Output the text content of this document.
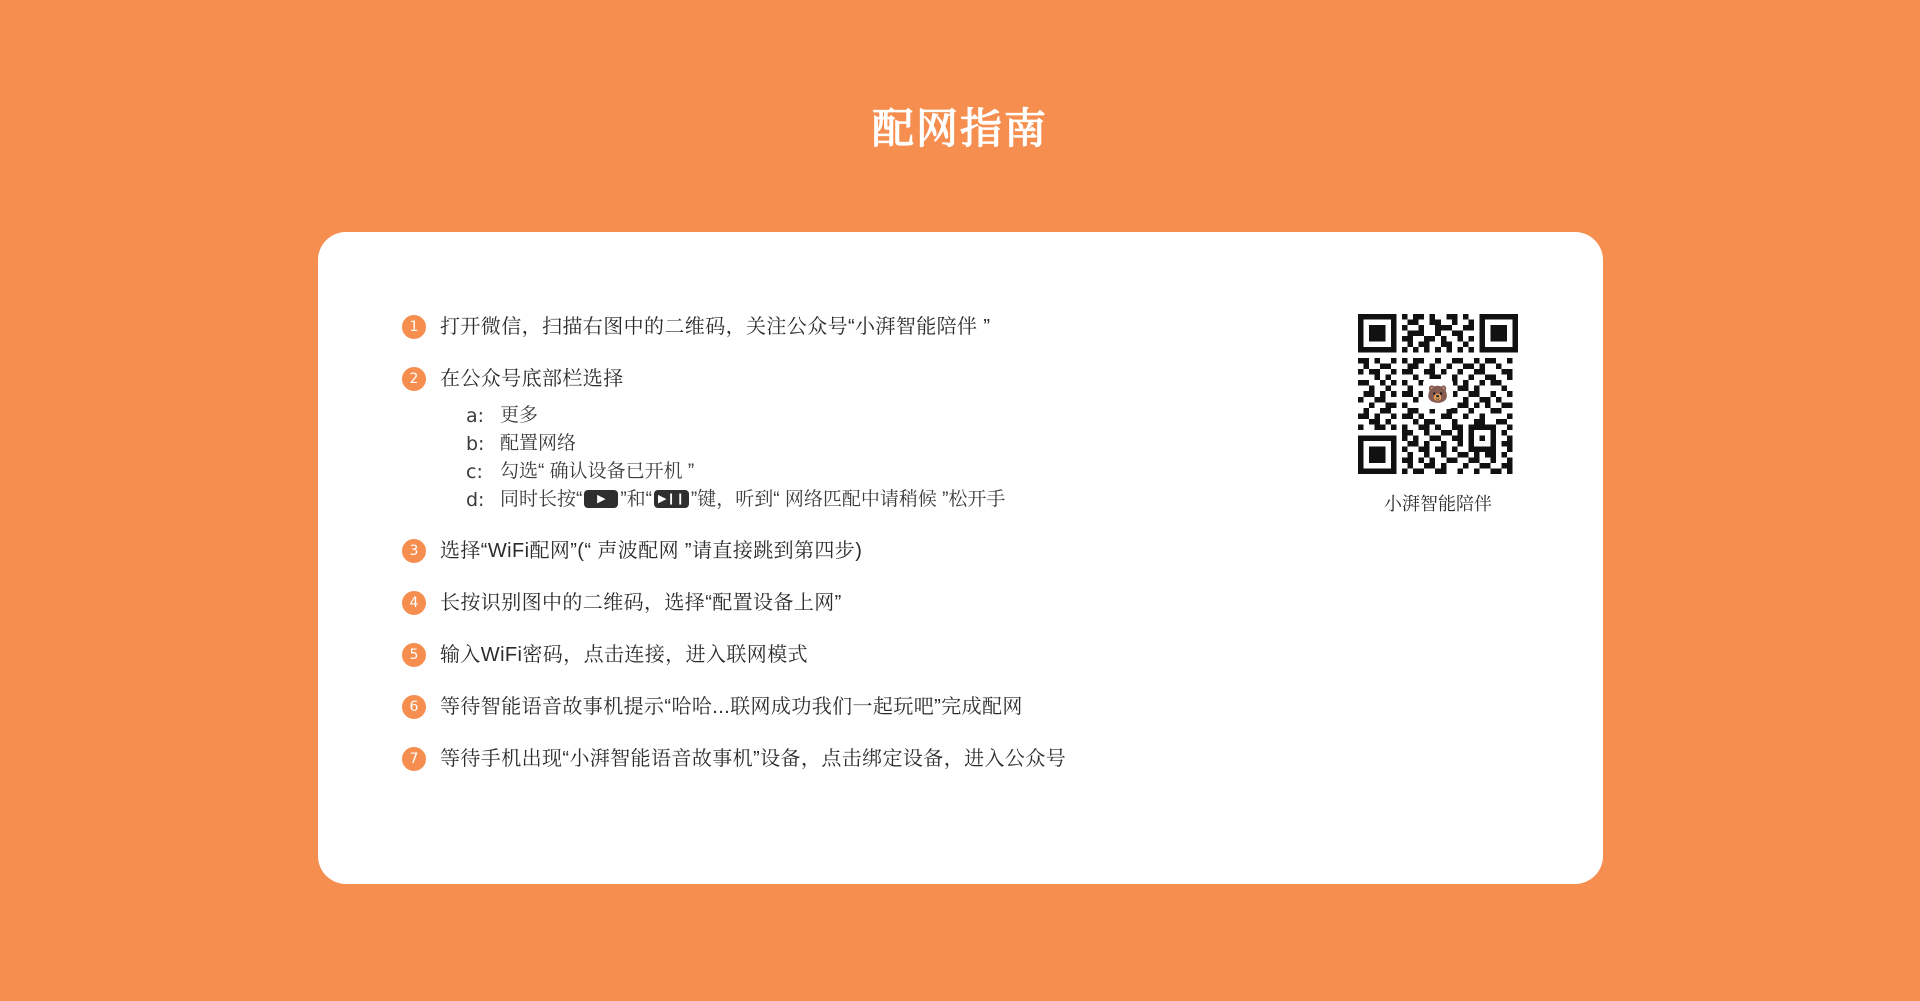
配网指南
1	打开微信，扫描右图中的二维码，关注公众号“小湃智能陪伴 ”
2	在公众号底部栏选择
a: 更多
b: 配置网络
c: 勾选“ 确认设备已开机 ”
d: 同时长按“	▶ ”和“ ▶❙❙ ”键，听到“ 网络匹配中请稍候 ”松开手
3	选择“WiFi配网”(“ 声波配网 ”请直接跳到第四步)
4	长按识别图中的二维码，选择“配置设备上网”
5	输入WiFi密码，点击连接，进入联网模式
6	等待智能语音故事机提示“哈哈...联网成功我们一起玩吧”完成配网
7	等待手机出现“小湃智能语音故事机”设备，点击绑定设备，进入公众号
🐻
小湃智能陪伴
